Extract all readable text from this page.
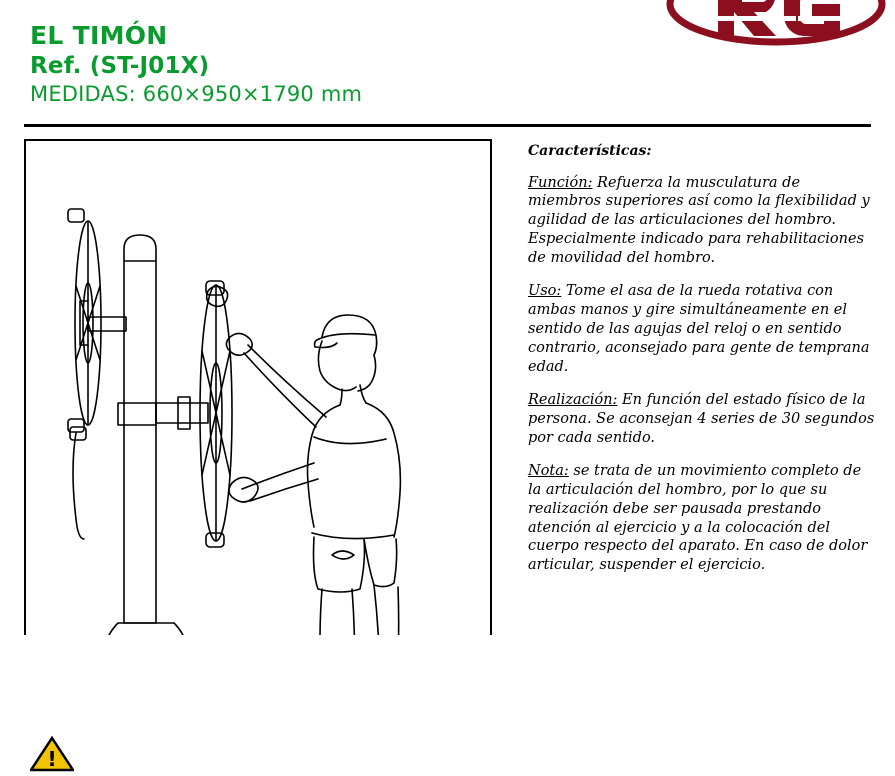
EL TIMÓN
Ref. (ST-J01X)
MEDIDAS: 660×950×1790 mm
Características:

Función: Refuerza la musculatura de miembros superiores así como la flexibilidad y agilidad de las articulaciones del hombro. Especialmente indicado para rehabilitaciones de movilidad del hombro.

Uso: Tome el asa de la rueda rotativa con ambas manos y gire simultáneamente en el sentido de las agujas del reloj o en sentido contrario, aconsejado para gente de temprana edad.

Realización: En función del estado físico de la persona. Se aconsejan 4 series de 30 segundos por cada sentido.

Nota: se trata de un movimiento completo de la articulación del hombro, por lo que su realización debe ser pausada prestando atención al ejercicio y a la colocación del cuerpo respecto del aparato. En caso de dolor articular, suspender el ejercicio.

!
